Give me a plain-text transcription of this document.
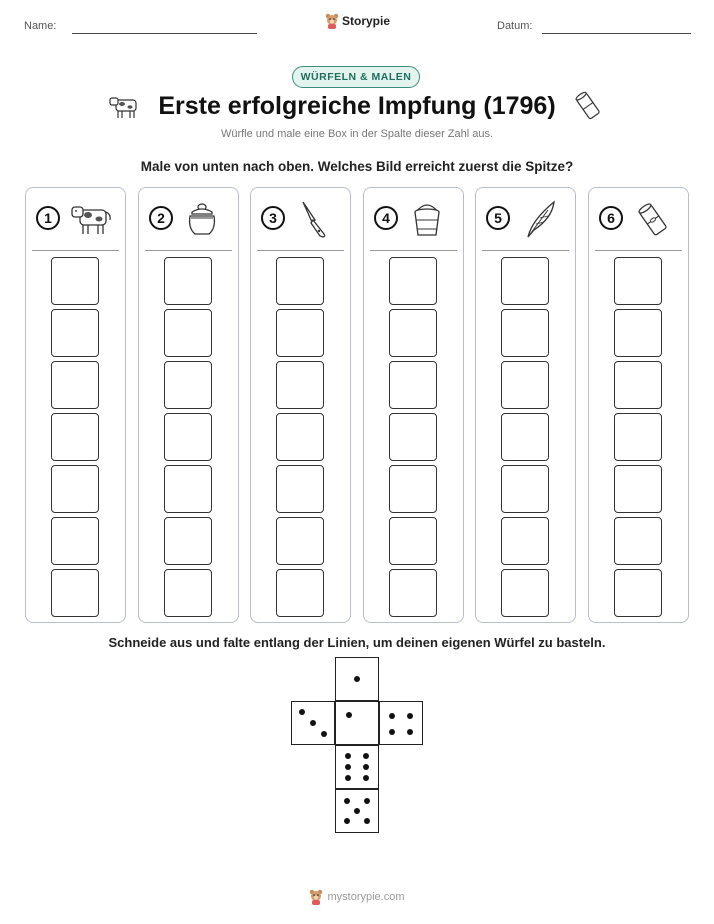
Name:	Storypie	Datum:
WÜRFELN & MALEN
Erste erfolgreiche Impfung (1796)
Würfle und male eine Box in der Spalte dieser Zahl aus.
Male von unten nach oben. Welches Bild erreicht zuerst die Spitze?
1	2	3	4	5	6
Schneide aus und falte entlang der Linien, um deinen eigenen Würfel zu basteln.
mystorypie.com
